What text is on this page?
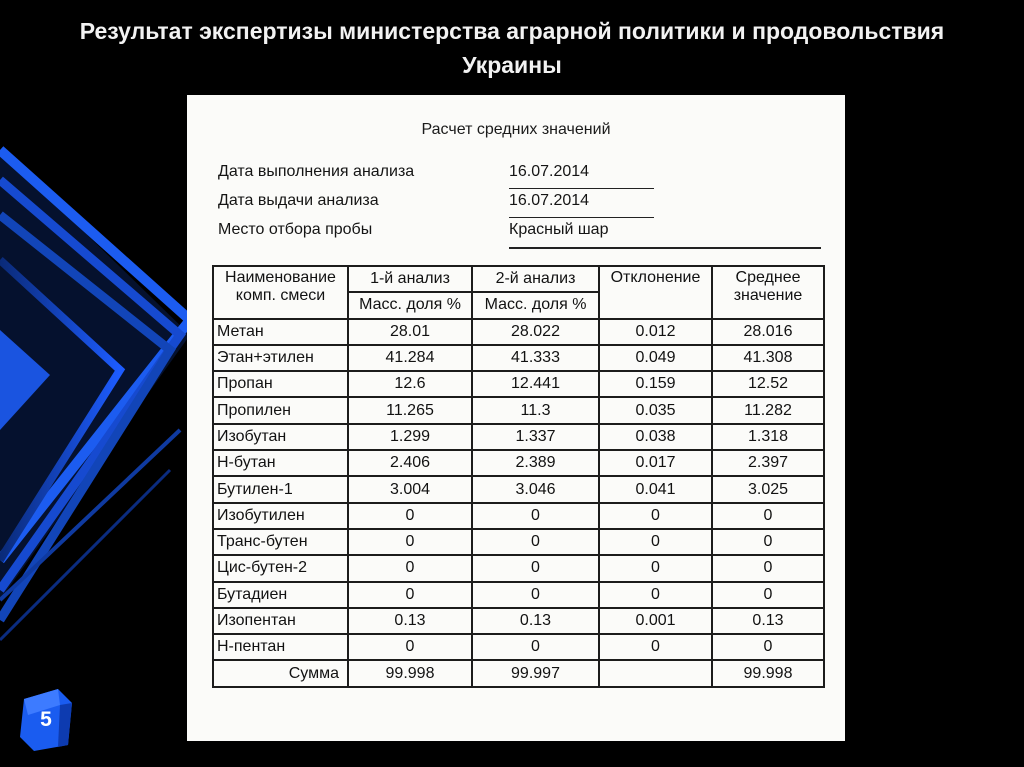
Результат экспертизы министерства аграрной политики и продовольствия Украины
Расчет средних значений
Дата выполнения анализа	16.07.2014
Дата выдачи анализа	16.07.2014
Место отбора пробы	Красный шар
Наименование комп. смеси	1-й анализ	2-й анализ	Отклонение	Среднее значение
	Масс. доля %	Масс. доля %		
Метан	28.01	28.022	0.012	28.016
Этан+этилен	41.284	41.333	0.049	41.308
Пропан	12.6	12.441	0.159	12.52
Пропилен	11.265	11.3	0.035	11.282
Изобутан	1.299	1.337	0.038	1.318
Н-бутан	2.406	2.389	0.017	2.397
Бутилен-1	3.004	3.046	0.041	3.025
Изобутилен	0	0	0	0
Транс-бутен	0	0	0	0
Цис-бутен-2	0	0	0	0
Бутадиен	0	0	0	0
Изопентан	0.13	0.13	0.001	0.13
Н-пентан	0	0	0	0
Сумма	99.998	99.997		99.998
5
